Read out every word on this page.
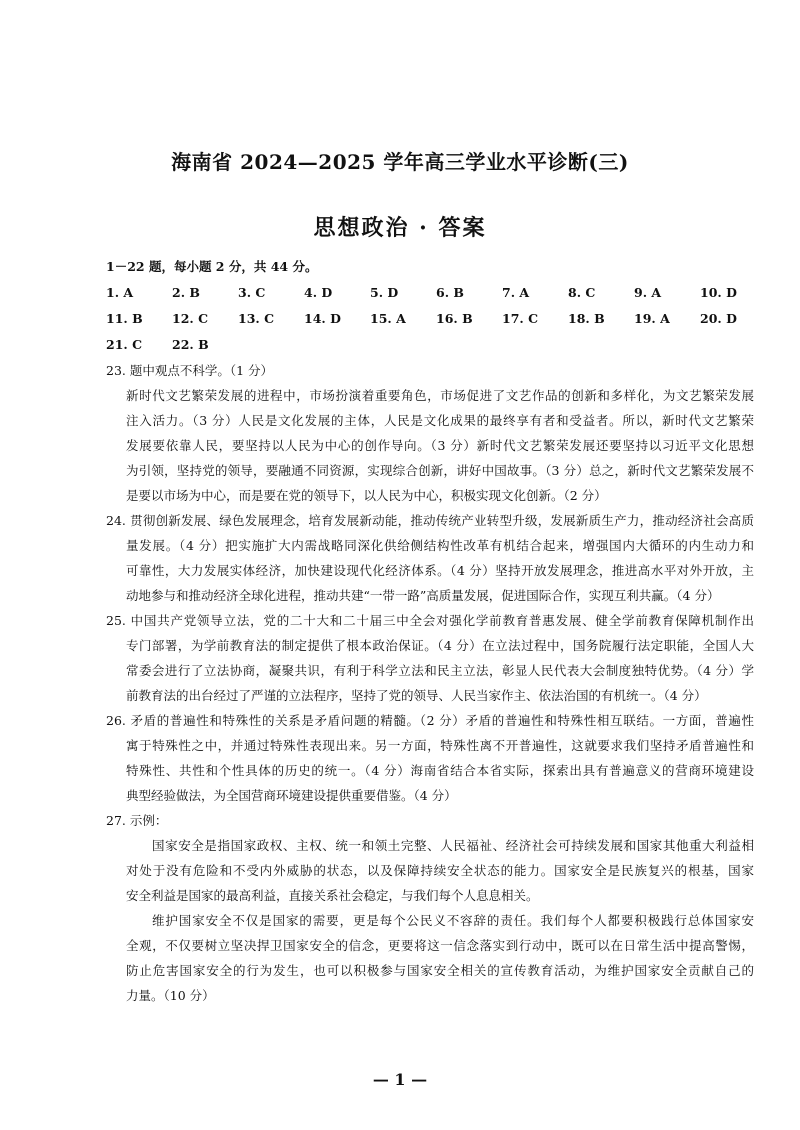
海南省 2024—2025 学年高三学业水平诊断(三)
思想政治 · 答案
1－22 题，每小题 2 分，共 44 分。
1. A	2. B	3. C	4. D	5. D	6. B	7. A	8. C	9. A	10. D
11. B	12. C	13. C	14. D	15. A	16. B	17. C	18. B	19. A	20. D
21. C	22. B
23. 题中观点不科学。（1 分）
新时代文艺繁荣发展的进程中，市场扮演着重要角色，市场促进了文艺作品的创新和多样化，为文艺繁荣发展
注入活力。（3 分）人民是文化发展的主体，人民是文化成果的最终享有者和受益者。所以，新时代文艺繁荣
发展要依靠人民，要坚持以人民为中心的创作导向。（3 分）新时代文艺繁荣发展还要坚持以习近平文化思想
为引领，坚持党的领导，要融通不同资源，实现综合创新，讲好中国故事。（3 分）总之，新时代文艺繁荣发展不
是要以市场为中心，而是要在党的领导下，以人民为中心，积极实现文化创新。（2 分）
24. 贯彻创新发展、绿色发展理念，培育发展新动能，推动传统产业转型升级，发展新质生产力，推动经济社会高质
量发展。（4 分）把实施扩大内需战略同深化供给侧结构性改革有机结合起来，增强国内大循环的内生动力和
可靠性，大力发展实体经济，加快建设现代化经济体系。（4 分）坚持开放发展理念，推进高水平对外开放，主
动地参与和推动经济全球化进程，推动共建“一带一路”高质量发展，促进国际合作，实现互利共赢。（4 分）
25. 中国共产党领导立法，党的二十大和二十届三中全会对强化学前教育普惠发展、健全学前教育保障机制作出
专门部署，为学前教育法的制定提供了根本政治保证。（4 分）在立法过程中，国务院履行法定职能，全国人大
常委会进行了立法协商，凝聚共识，有利于科学立法和民主立法，彰显人民代表大会制度独特优势。（4 分）学
前教育法的出台经过了严谨的立法程序，坚持了党的领导、人民当家作主、依法治国的有机统一。（4 分）
26. 矛盾的普遍性和特殊性的关系是矛盾问题的精髓。（2 分）矛盾的普遍性和特殊性相互联结。一方面，普遍性
寓于特殊性之中，并通过特殊性表现出来。另一方面，特殊性离不开普遍性，这就要求我们坚持矛盾普遍性和
特殊性、共性和个性具体的历史的统一。（4 分）海南省结合本省实际，探索出具有普遍意义的营商环境建设
典型经验做法，为全国营商环境建设提供重要借鉴。（4 分）
27. 示例：
国家安全是指国家政权、主权、统一和领土完整、人民福祉、经济社会可持续发展和国家其他重大利益相
对处于没有危险和不受内外威胁的状态，以及保障持续安全状态的能力。国家安全是民族复兴的根基，国家
安全利益是国家的最高利益，直接关系社会稳定，与我们每个人息息相关。
维护国家安全不仅是国家的需要，更是每个公民义不容辞的责任。我们每个人都要积极践行总体国家安
全观，不仅要树立坚决捍卫国家安全的信念，更要将这一信念落实到行动中，既可以在日常生活中提高警惕，
防止危害国家安全的行为发生，也可以积极参与国家安全相关的宣传教育活动，为维护国家安全贡献自己的
力量。（10 分）
— 1 —
